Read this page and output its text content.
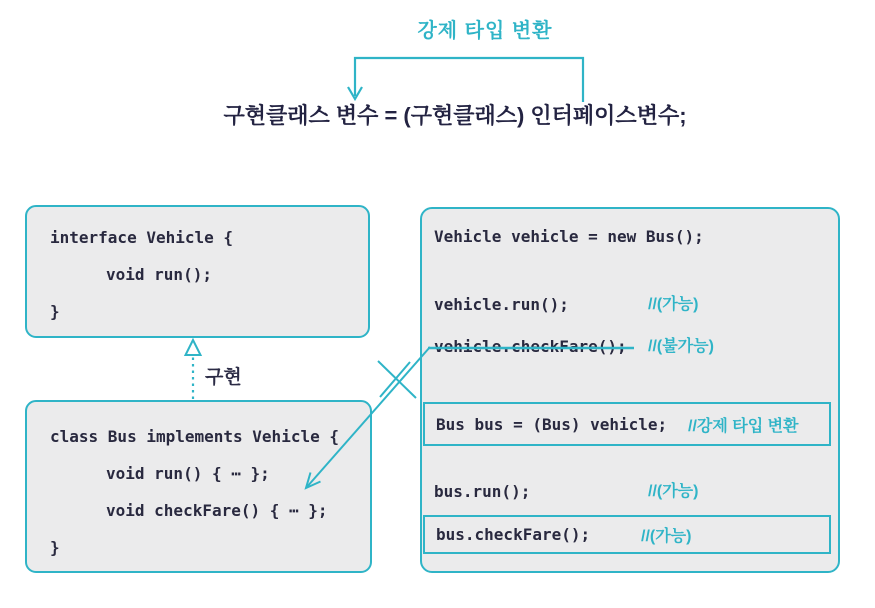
강제 타입 변환
구현클래스 변수 = (구현클래스) 인터페이스변수;
interface Vehicle {
void run();
}
구현
class Bus implements Vehicle {
void run() { ⋯ };
void checkFare() { ⋯ };
}
Vehicle vehicle = new Bus();
vehicle.run();	//(가능)
vehicle.checkFare();	//(불가능)
Bus bus = (Bus) vehicle;	//강제 타입 변환
bus.run();	//(가능)
bus.checkFare();	//(가능)
